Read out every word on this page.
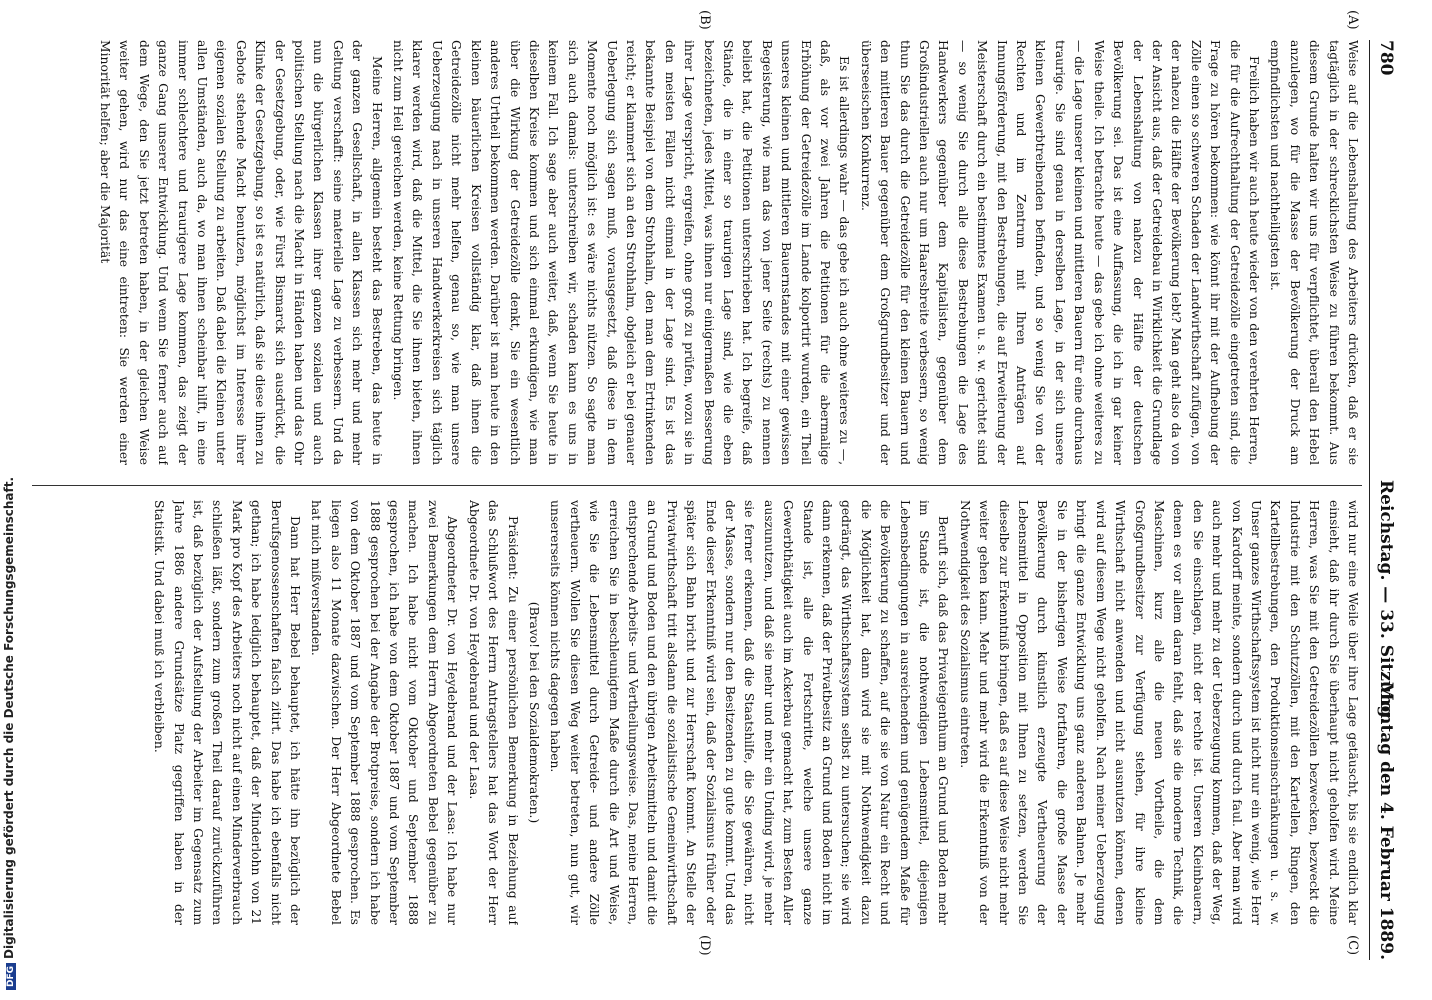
780
Reichstag. — 33. Sitzung.
Montag den 4. Februar 1889.
(A)
(B)
(C)
(D)

Weise auf die Lebenshaltung des Arbeiters drücken, daß er sie tagtäglich in der schrecklichsten Weise zu führen bekommt. Aus diesem Grunde halten wir uns für verpflichtet, überall den Hebel anzulegen, wo für die Masse der Bevölkerung der Druck am empfindlichsten und nachtheiligsten ist.

Freilich haben wir auch heute wieder von den verehrten Herren, die für die Aufrechthaltung der Getreidezölle eingetreten sind, die Frage zu hören bekommen: wie könnt ihr mit der Aufhebung der Zölle einen so schweren Schaden der Landwirthschaft zufügen, von der nahezu die Hälfte der Bevölkerung lebt? Man geht also da von der Ansicht aus, daß der Getreidebau in Wirklichkeit die Grundlage der Lebenshaltung von nahezu der Hälfte der deutschen Bevölkerung sei. Das ist eine Auffassung, die ich in gar keiner Weise theile. Ich betrachte heute — das gebe ich ohne weiteres zu — die Lage unserer kleinen und mittleren Bauern für eine durchaus traurige. Sie sind genau in derselben Lage, in der sich unsere kleinen Gewerbtreibenden befinden, und so wenig Sie von der Rechten und im Zentrum mit Ihren Anträgen auf Innungsförderung, mit den Bestrebungen, die auf Erweiterung der Meisterschaft durch ein bestimmtes Examen u. s. w. gerichtet sind — so wenig Sie durch alle diese Bestrebungen die Lage des Handwerkers gegenüber dem Kapitalisten, gegenüber dem Großindustriellen auch nur um Haaresbreite verbessern, so wenig thun Sie das durch die Getreidezölle für den kleinen Bauern und den mittleren Bauer gegenüber dem Großgrundbesitzer und der überseeischen Konkurrenz.

Es ist allerdings wahr — das gebe ich auch ohne weiteres zu —, daß, als vor zwei Jahren die Petitionen für die abermalige Erhöhung der Getreidezölle im Lande kolportirt wurden, ein Theil unseres kleinen und mittleren Bauernstandes mit einer gewissen Begeisterung, wie man das von jener Seite (rechts) zu nennen beliebt hat, die Petitionen unterschrieben hat. Ich begreife, daß Stände, die in einer so traurigen Lage sind, wie die eben bezeichneten, jedes Mittel, was ihnen nur einigermaßen Besserung ihrer Lage verspricht, ergreifen, ohne groß zu prüfen, wozu sie in den meisten Fällen nicht einmal in der Lage sind. Es ist das bekannte Beispiel von dem Strohhalm, den man dem Ertrinkenden reicht; er klammert sich an den Strohhalm, obgleich er bei genauer Ueberlegung sich sagen muß, vorausgesetzt, daß diese in dem Momente noch möglich ist: es wäre nichts nützen. So sagte man sich auch damals: unterschreiben wir, schaden kann es uns in keinem Fall. Ich sage aber auch weiter, daß, wenn Sie heute in dieselben Kreise kommen und sich einmal erkundigen, wie man über die Wirkung der Getreidezölle denkt, Sie ein wesentlich anderes Urtheil bekommen werden. Darüber ist man heute in den kleinen bäuerlichen Kreisen vollständig klar, daß ihnen die Getreidezölle nicht mehr helfen, genau so, wie man unsere Ueberzeugung nach in unseren Handwerkerkreisen sich täglich klarer werden wird, daß die Mittel, die Sie ihnen bieten, ihnen nicht zum Heil gereichen werden, keine Rettung bringen.

Meine Herren, allgemein besteht das Bestreben, das heute in der ganzen Gesellschaft, in allen Klassen sich mehr und mehr Geltung verschafft: seine materielle Lage zu verbessern. Und da nun die bürgerlichen Klassen ihrer ganzen sozialen und auch politischen Stellung nach die Macht in Händen haben und das Ohr der Gesetzgebung, oder, wie Fürst Bismarck sich ausdrückt, die Klinke der Gesetzgebung, so ist es natürlich, daß sie diese ihnen zu Gebote stehende Macht benutzen, möglichst im Interesse ihrer eigenen sozialen Stellung zu arbeiten. Daß dabei die Kleinen unter allen Umständen, auch da, wo man ihnen scheinbar hilft, in eine immer schlechtere und traurigere Lage kommen, das zeigt der ganze Gang unserer Entwicklung. Und wenn Sie ferner auch auf dem Wege, den Sie jetzt betreten haben, in der gleichen Weise weiter gehen, wird nur das eine eintreten: Sie werden einer Minorität helfen; aber die Majorität

wird nur eine Weile über ihre Lage getäuscht, bis sie endlich klar einsieht, daß ihr durch Sie überhaupt nicht geholfen wird. Meine Herren, was Sie mit den Getreidezöllen bezwecken, bezweckt die Industrie mit den Schutzzöllen, mit den Kartellen, Ringen, den Kartellbestrebungen, den Produktionseinschränkungen u. s. w. Unser ganzes Wirthschaftssystem ist nicht nur ein wenig, wie Herr von Kardorff meinte, sondern durch und durch faul. Aber man wird auch mehr und mehr zu der Ueberzeugung kommen, daß der Weg, den Sie einschlagen, nicht der rechte ist. Unseren Kleinbauern, denen es vor allem daran fehlt, daß sie die moderne Technik, die Maschinen, kurz alle die neuen Vortheile, die dem Großgrundbesitzer zur Verfügung stehen, für ihre kleine Wirthschaft nicht anwenden und nicht ausnutzen können, denen wird auf diesem Wege nicht geholfen. Nach meiner Ueberzeugung bringt die ganze Entwicklung uns ganz anderen Bahnen. Je mehr Sie in der bisherigen Weise fortfahren, die große Masse der Bevölkerung durch künstlich erzeugte Vertheuerung der Lebensmittel in Opposition mit Ihnen zu setzen, werden Sie dieselbe zur Erkenntniß bringen, daß es auf diese Weise nicht mehr weiter gehen kann. Mehr und mehr wird die Erkenntniß von der Nothwendigkeit des Sozialismus eintreten.

Beruft sich, daß das Privateigenthum an Grund und Boden mehr im Stande ist, die nothwendigen Lebensmittel, diejenigen Lebensbedingungen in ausreichendem und genügendem Maße für die Bevölkerung zu schaffen, auf die sie von Natur ein Recht und die Möglichkeit hat, dann wird sie mit Nothwendigkeit dazu gedrängt, das Wirthschaftssystem selbst zu untersuchen; sie wird dann erkennen, daß der Privatbesitz an Grund und Boden nicht im Stande ist, alle die Fortschritte, welche unsere ganze Gewerbthätigkeit auch im Ackerbau gemacht hat, zum Besten Aller auszunutzen, und daß sie mehr und mehr ein Unding wird, je mehr sie ferner erkennen, daß die Staatshilfe, die Sie gewähren, nicht der Masse, sondern nur den Besitzenden zu gute kommt. Und das Ende dieser Erkenntniß wird sein, daß der Sozialismus früher oder später sich Bahn bricht und zur Herrschaft kommt. An Stelle der Privatwirthschaft tritt alsdann die sozialistische Gemeinwirthschaft an Grund und Boden und den übrigen Arbeitsmitteln und damit die entsprechende Arbeits- und Vertheilungsweise. Das, meine Herren, erreichen Sie in beschleunigtem Maße durch die Art und Weise, wie Sie die Lebensmittel durch Getreide- und andere Zölle vertheuern. Wollen Sie diesen Weg weiter betreten, nun gut, wir unsererseits können nichts dagegen haben.

(Bravo! bei den Sozialdemokraten.)

Präsident: Zu einer persönlichen Bemerkung in Beziehung auf das Schlußwort des Herrn Antragstellers hat das Wort der Herr Abgeordnete Dr. von Heydebrand und der Lasa.

Abgeordneter Dr. von Heydebrand und der Lasa: Ich habe nur zwei Bemerkungen dem Herrn Abgeordneten Bebel gegenüber zu machen. Ich habe nicht vom Oktober und September 1888 gesprochen, ich habe von dem Oktober 1887 und vom September 1888 gesprochen bei der Angabe der Brotpreise, sondern ich habe von dem Oktober 1887 und vom September 1888 gesprochen. Es liegen also 11 Monate dazwischen. Der Herr Abgeordnete Bebel hat mich mißverstanden.

Dann hat Herr Bebel behauptet, ich hätte ihn bezüglich der Berufsgenossenschaften falsch zitirt. Das habe ich ebenfalls nicht gethan; ich habe lediglich behauptet, daß der Minderlohn von 21 Mark pro Kopf des Arbeiters noch nicht auf einen Minderverbrauch schließen läßt, sondern zum großen Theil darauf zurückzuführen ist, daß bezüglich der Aufstellung der Arbeiter im Gegensatz zum Jahre 1886 andere Grundsätze Platz gegriffen haben in der Statistik. Und dabei muß ich verbleiben.

DFGDigitalisierung gefördert durch die Deutsche Forschungsgemeinschaft.
